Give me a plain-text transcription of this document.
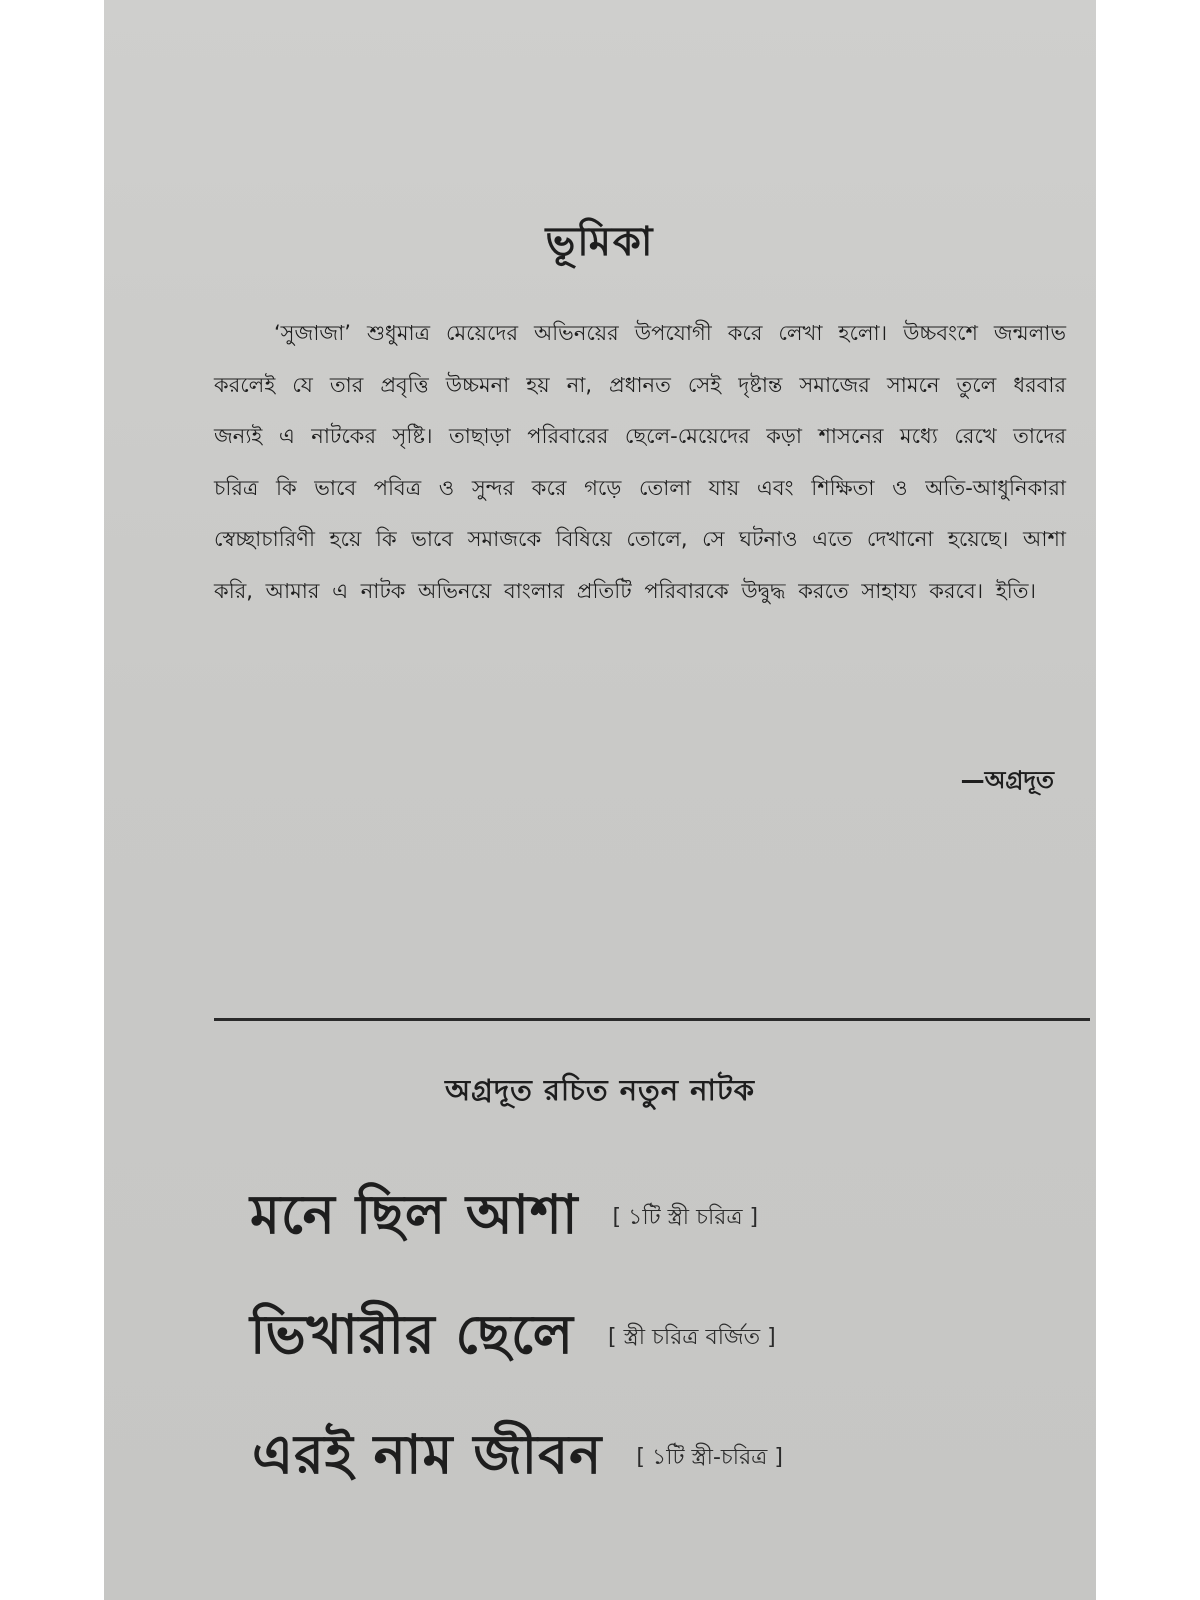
ভূমিকা

‘সুজাজা’ শুধুমাত্র মেয়েদের অভিনয়ের উপযোগী করে লেখা হলো। উচ্চবংশে জন্মলাভ করলেই যে তার প্রবৃত্তি উচ্চমনা হয় না, প্রধানত সেই দৃষ্টান্ত সমাজের সামনে তুলে ধরবার জন্যই এ নাটকের সৃষ্টি। তাছাড়া পরিবারের ছেলে-মেয়েদের কড়া শাসনের মধ্যে রেখে তাদের চরিত্র কি ভাবে পবিত্র ও সুন্দর করে গড়ে তোলা যায় এবং শিক্ষিতা ও অতি-আধুনিকারা স্বেচ্ছাচারিণী হয়ে কি ভাবে সমাজকে বিষিয়ে তোলে, সে ঘটনাও এতে দেখানো হয়েছে। আশা করি, আমার এ নাটক অভিনয়ে বাংলার প্রতিটি পরিবারকে উদ্বুদ্ধ করতে সাহায্য করবে। ইতি।

—অগ্রদূত
অগ্রদূত রচিত নতুন নাটক
মনে ছিল আশা [ ১টি স্ত্রী চরিত্র ]
ভিখারীর ছেলে [ স্ত্রী চরিত্র বর্জিত ]
এরই নাম জীবন [ ১টি স্ত্রী-চরিত্র ]
